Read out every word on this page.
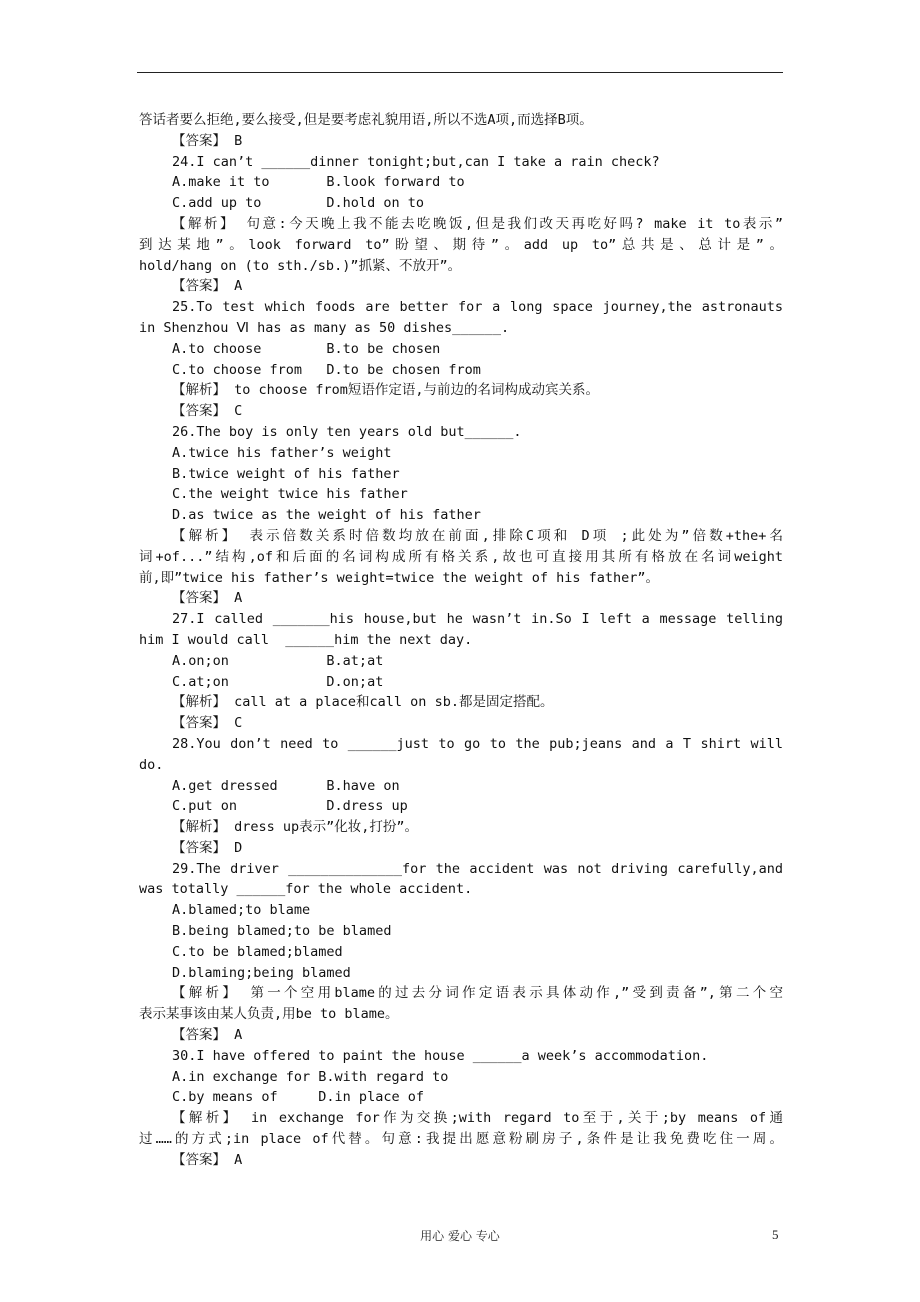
答话者要么拒绝,要么接受,但是要考虑礼貌用语,所以不选A项,而选择B项。
【答案】 B
24.I can’t ______dinner tonight;but,can I take a rain check?
A.make it to       B.look forward to
C.add up to        D.hold on to
【解析】 句意:今天晚上我不能去吃晚饭,但是我们改天再吃好吗? make it to表示”
到达某地”。look forward to”盼望、期待”。add up to”总共是、总计是”。
hold/hang on (to sth./sb.)”抓紧、不放开”。
【答案】 A
25.To test which foods are better for a long space journey,the astronauts
in Shenzhou Ⅵ has as many as 50 dishes______.
A.to choose        B.to be chosen
C.to choose from   D.to be chosen from
【解析】 to choose from短语作定语,与前边的名词构成动宾关系。
【答案】 C
26.The boy is only ten years old but______.
A.twice his father’s weight
B.twice weight of his father
C.the weight twice his father
D.as twice as the weight of his father
【解析】 表示倍数关系时倍数均放在前面,排除C项和 D项 ;此处为”倍数+the+名
词+of...”结构,of和后面的名词构成所有格关系,故也可直接用其所有格放在名词weight
前,即”twice his father’s weight=twice the weight of his father”。
【答案】 A
27.I called _______his house,but he wasn’t in.So I left a message telling
him I would call  ______him the next day.
A.on;on            B.at;at
C.at;on            D.on;at
【解析】 call at a place和call on sb.都是固定搭配。
【答案】 C
28.You don’t need to ______just to go to the pub;jeans and a T shirt will
do.
A.get dressed      B.have on
C.put on           D.dress up
【解析】 dress up表示”化妆,打扮”。
【答案】 D
29.The driver ______________for the accident was not driving carefully,and
was totally ______for the whole accident.
A.blamed;to blame
B.being blamed;to be blamed
C.to be blamed;blamed
D.blaming;being blamed
【解析】 第一个空用blame的过去分词作定语表示具体动作,”受到责备”,第二个空
表示某事该由某人负责,用be to blame。
【答案】 A
30.I have offered to paint the house ______a week’s accommodation.
A.in exchange for B.with regard to
C.by means of     D.in place of
【解析】 in exchange for作为交换;with regard to至于,关于;by means of通
过……的方式;in place of代替。句意:我提出愿意粉刷房子,条件是让我免费吃住一周。
【答案】 A
用心 爱心 专心	5
